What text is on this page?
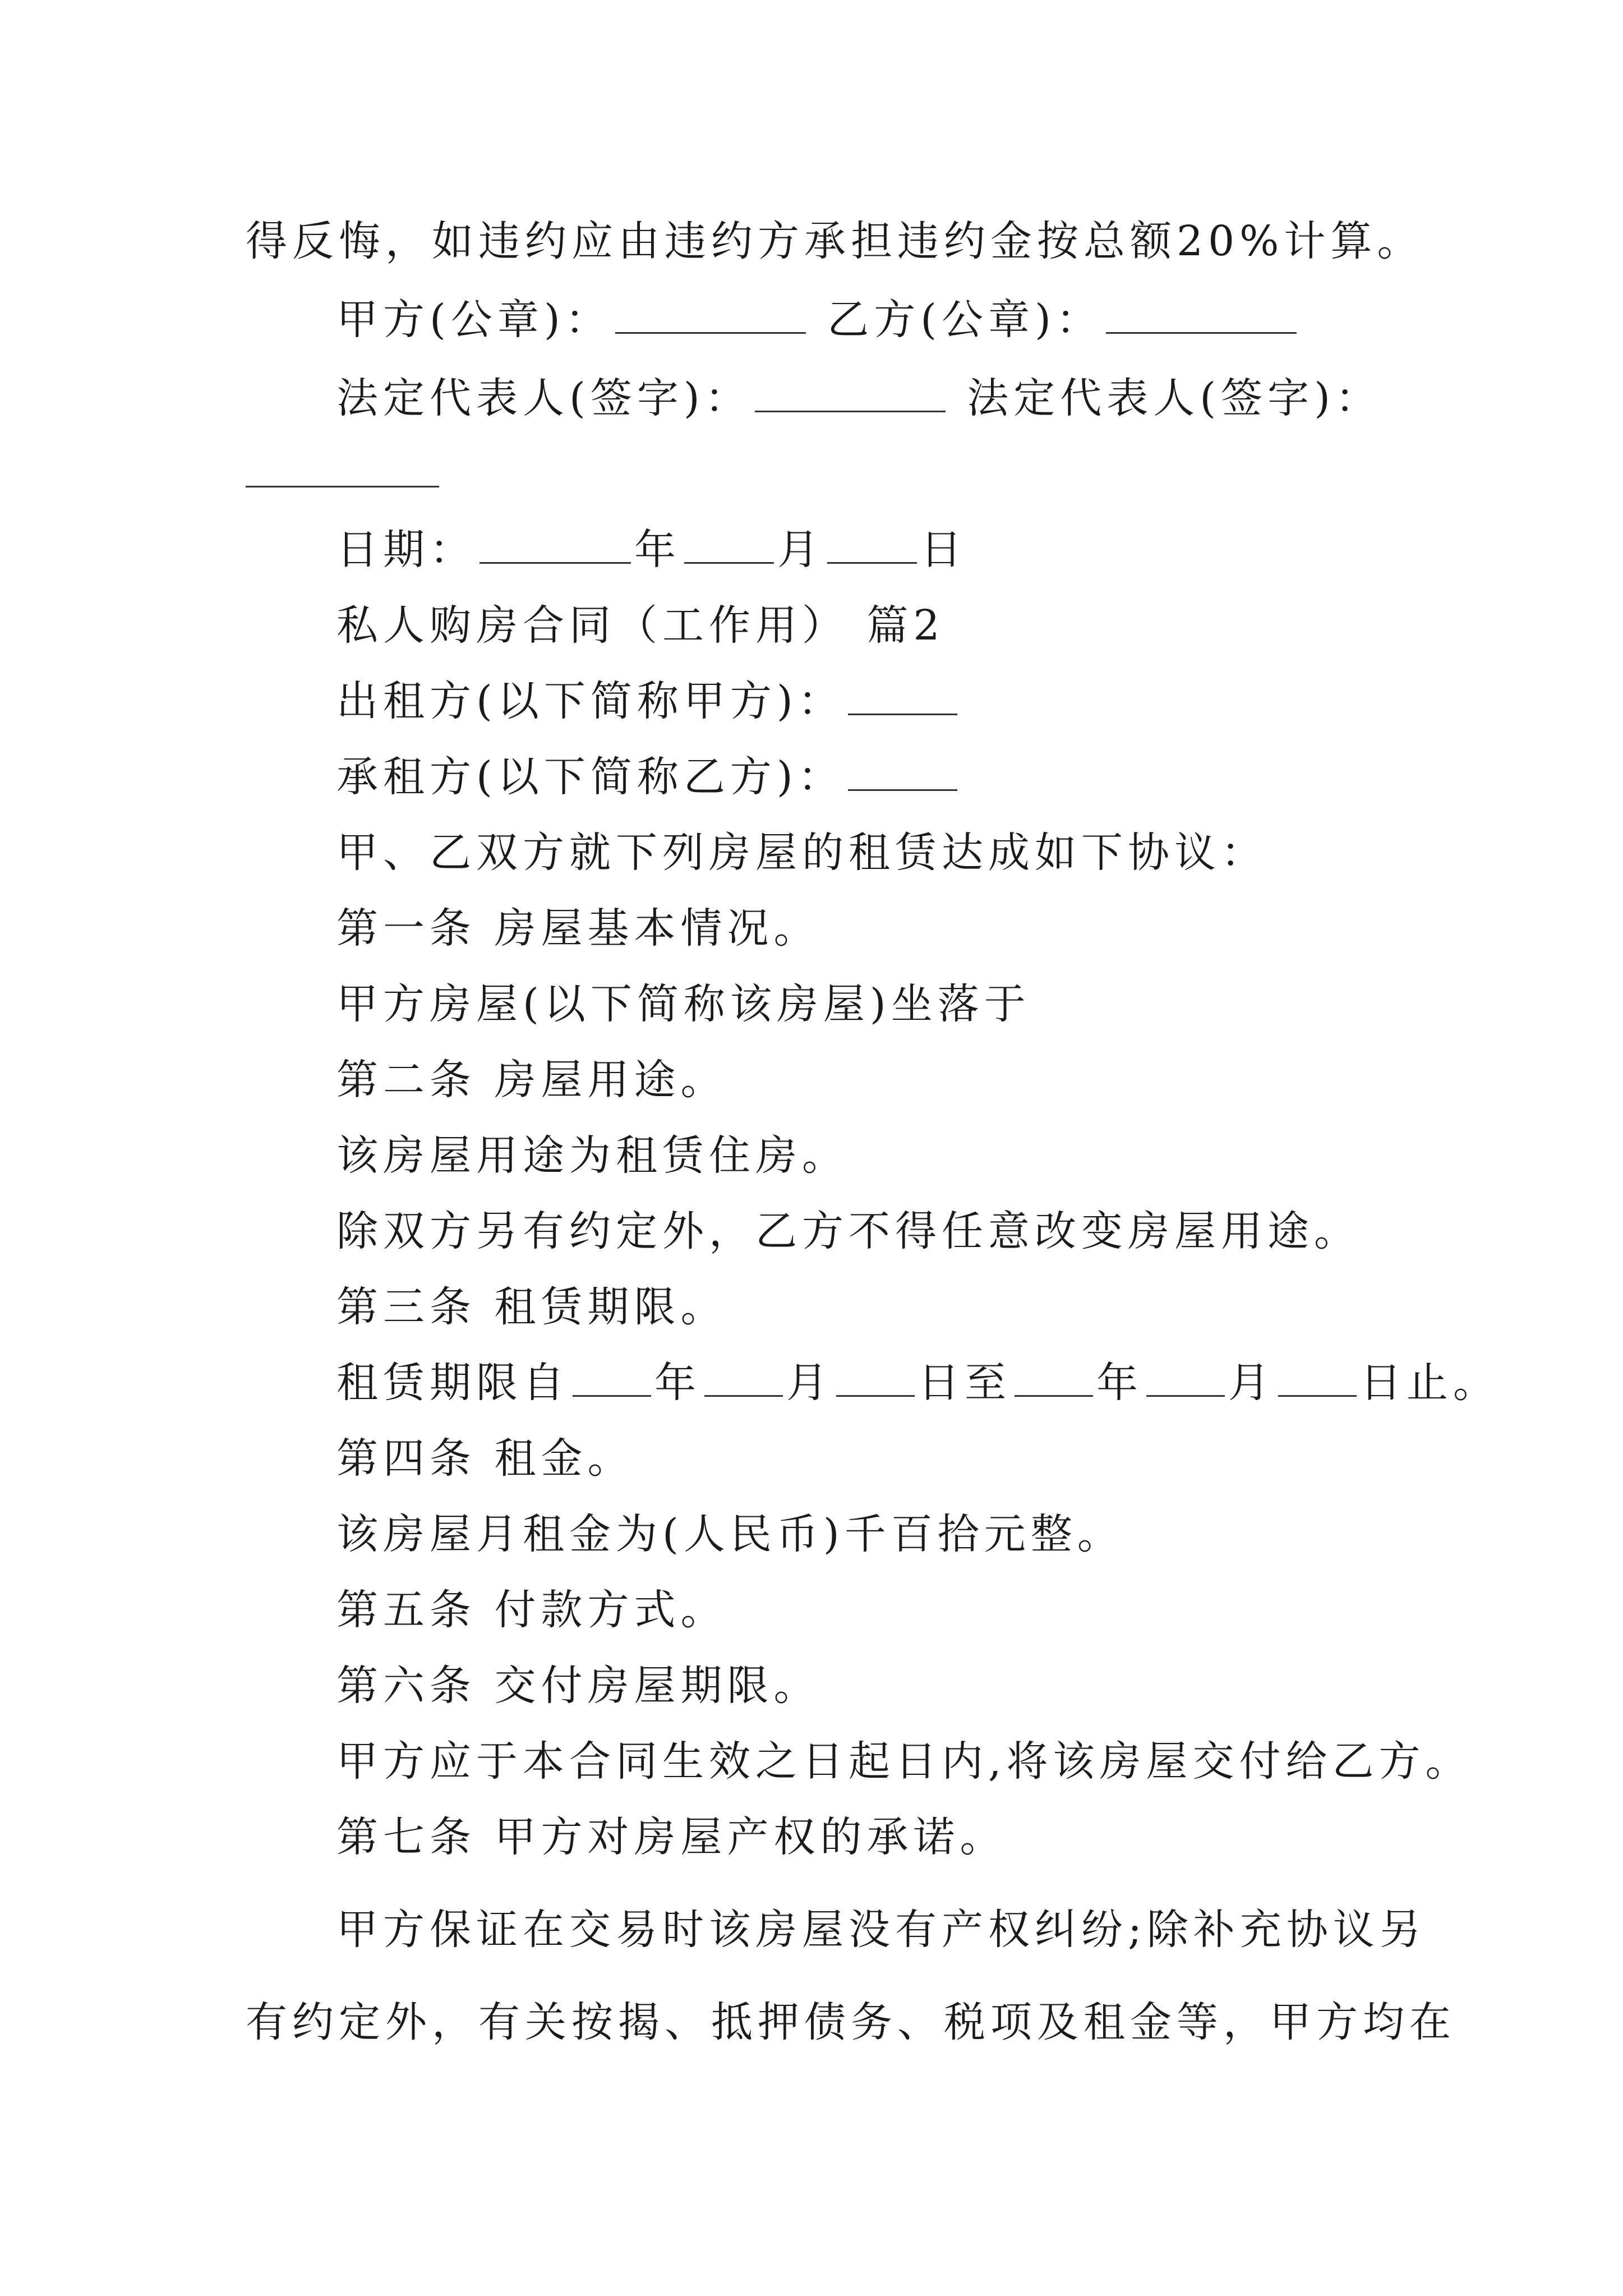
得反悔，如违约应由违约方承担违约金按总额20%计算。
甲方(公章)：	乙方(公章)：
法定代表人(签字)：	法定代表人(签字)：
日期：	年 月 日
私人购房合同（工作用） 篇2
出租方(以下简称甲方)：
承租方(以下简称乙方)：
甲、乙双方就下列房屋的租赁达成如下协议：
第一条 房屋基本情况。
甲方房屋(以下简称该房屋)坐落于
第二条 房屋用途。
该房屋用途为租赁住房。
除双方另有约定外，乙方不得任意改变房屋用途。
第三条 租赁期限。
租赁期限自 年 月 日至 年 月 日止。
第四条 租金。
该房屋月租金为(人民币)千百拾元整。
第五条 付款方式。
第六条 交付房屋期限。
甲方应于本合同生效之日起日内,将该房屋交付给乙方。
第七条 甲方对房屋产权的承诺。
甲方保证在交易时该房屋没有产权纠纷;除补充协议另
有约定外，有关按揭、抵押债务、税项及租金等，甲方均在
